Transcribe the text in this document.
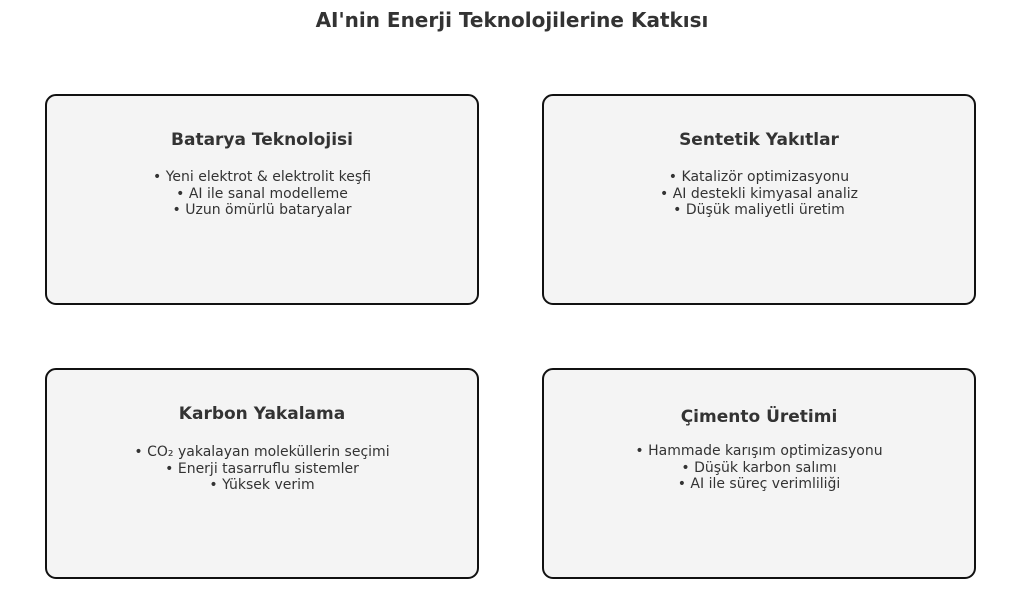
AI'nin Enerji Teknolojilerine Katkısı
Batarya Teknolojisi
• Yeni elektrot & elektrolit keşfi
• AI ile sanal modelleme
• Uzun ömürlü bataryalar
Sentetik Yakıtlar
• Katalizör optimizasyonu
• AI destekli kimyasal analiz
• Düşük maliyetli üretim
Karbon Yakalama
• CO₂ yakalayan moleküllerin seçimi
• Enerji tasarruflu sistemler
• Yüksek verim
Çimento Üretimi
• Hammade karışım optimizasyonu
• Düşük karbon salımı
• AI ile süreç verimliliği
